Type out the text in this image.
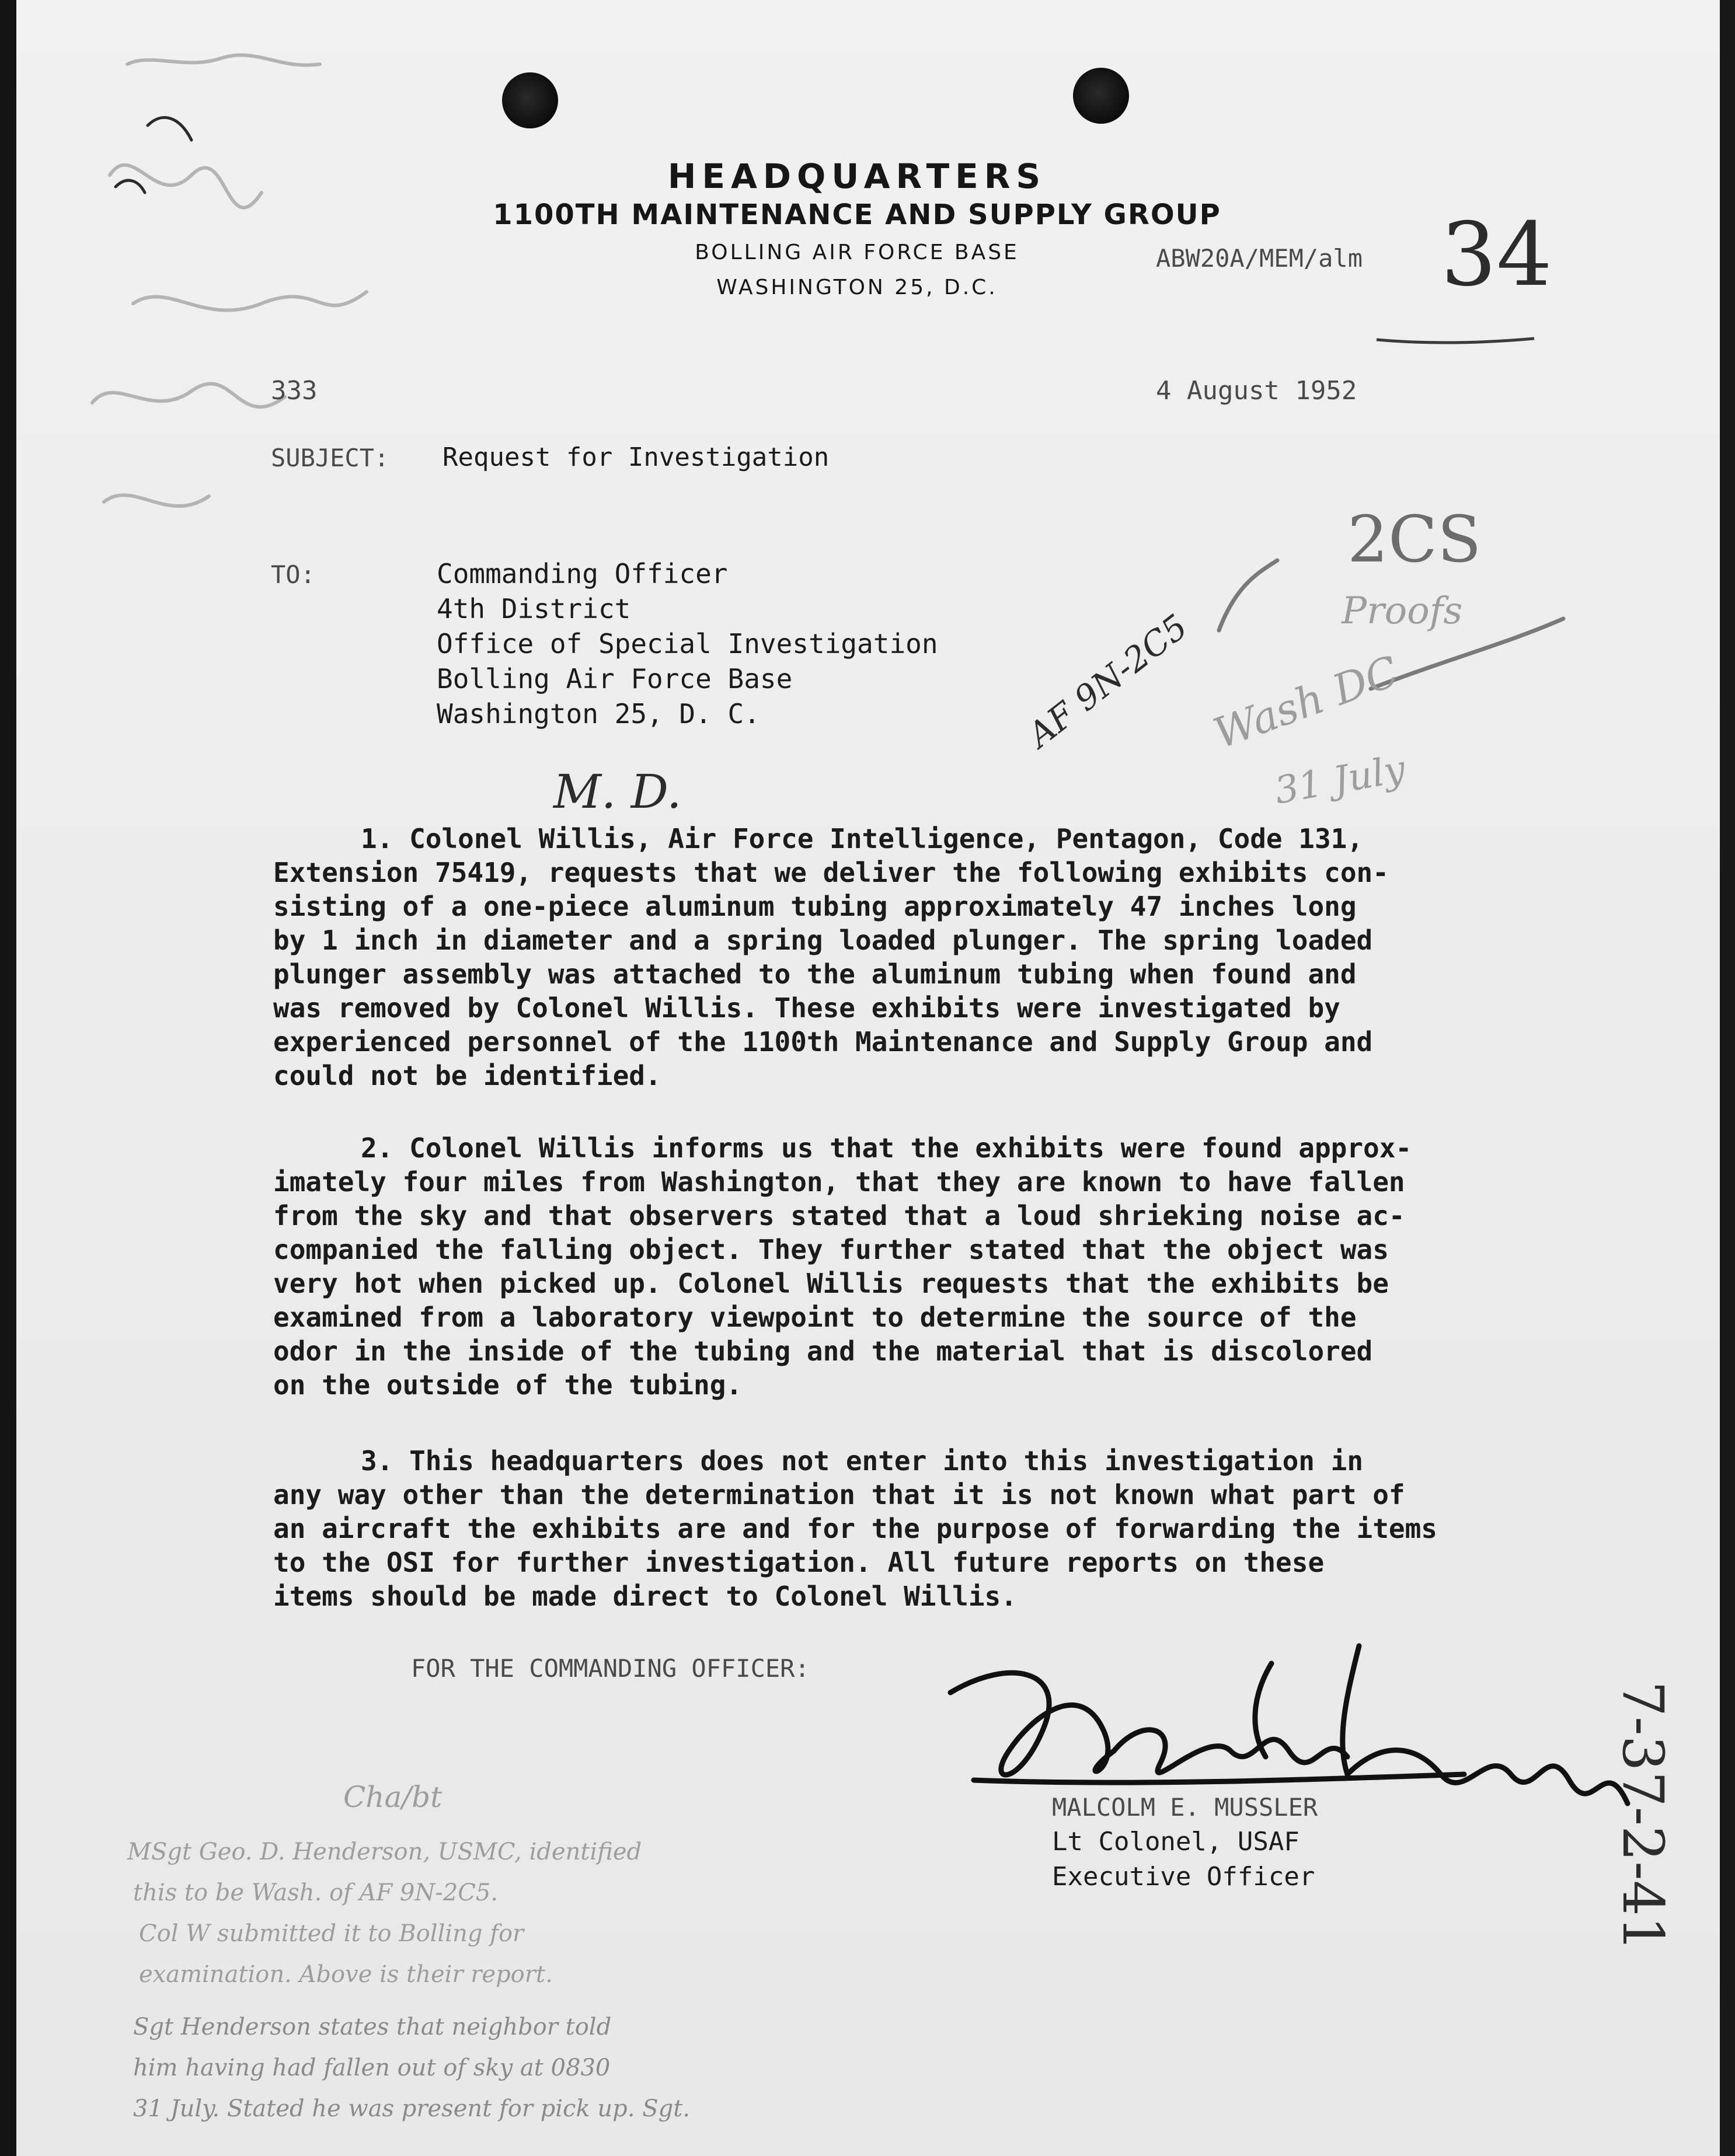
HEADQUARTERS
1100TH MAINTENANCE AND SUPPLY GROUP
BOLLING AIR FORCE BASE
WASHINGTON 25, D.C.
ABW20A/MEM/alm 34
333	4 August 1952
SUBJECT: Request for Investigation
TO:	Commanding Officer
4th District
Office of Special Investigation
Bolling Air Force Base
Washington 25, D. C.
M. D.
AF 9N-2C5
2CS
Proofs
Wash DC
31 July
1. Colonel Willis, Air Force Intelligence, Pentagon, Code 131,
Extension 75419, requests that we deliver the following exhibits con-
sisting of a one-piece aluminum tubing approximately 47 inches long
by 1 inch in diameter and a spring loaded plunger. The spring loaded
plunger assembly was attached to the aluminum tubing when found and
was removed by Colonel Willis. These exhibits were investigated by
experienced personnel of the 1100th Maintenance and Supply Group and
could not be identified.
2. Colonel Willis informs us that the exhibits were found approx-
imately four miles from Washington, that they are known to have fallen
from the sky and that observers stated that a loud shrieking noise ac-
companied the falling object. They further stated that the object was
very hot when picked up. Colonel Willis requests that the exhibits be
examined from a laboratory viewpoint to determine the source of the
odor in the inside of the tubing and the material that is discolored
on the outside of the tubing.
3. This headquarters does not enter into this investigation in
any way other than the determination that it is not known what part of
an aircraft the exhibits are and for the purpose of forwarding the items
to the OSI for further investigation. All future reports on these
items should be made direct to Colonel Willis.
FOR THE COMMANDING OFFICER:
MALCOLM E. MUSSLER
Lt Colonel, USAF
Executive Officer	7-37-2-41
Cha/bt
MSgt Geo. D. Henderson, USMC, identified
this to be Wash. of AF 9N-2C5.
Col W submitted it to Bolling for
examination. Above is their report.
Sgt Henderson states that neighbor told
him having had fallen out of sky at 0830
31 July. Stated he was present for pick up. Sgt.
